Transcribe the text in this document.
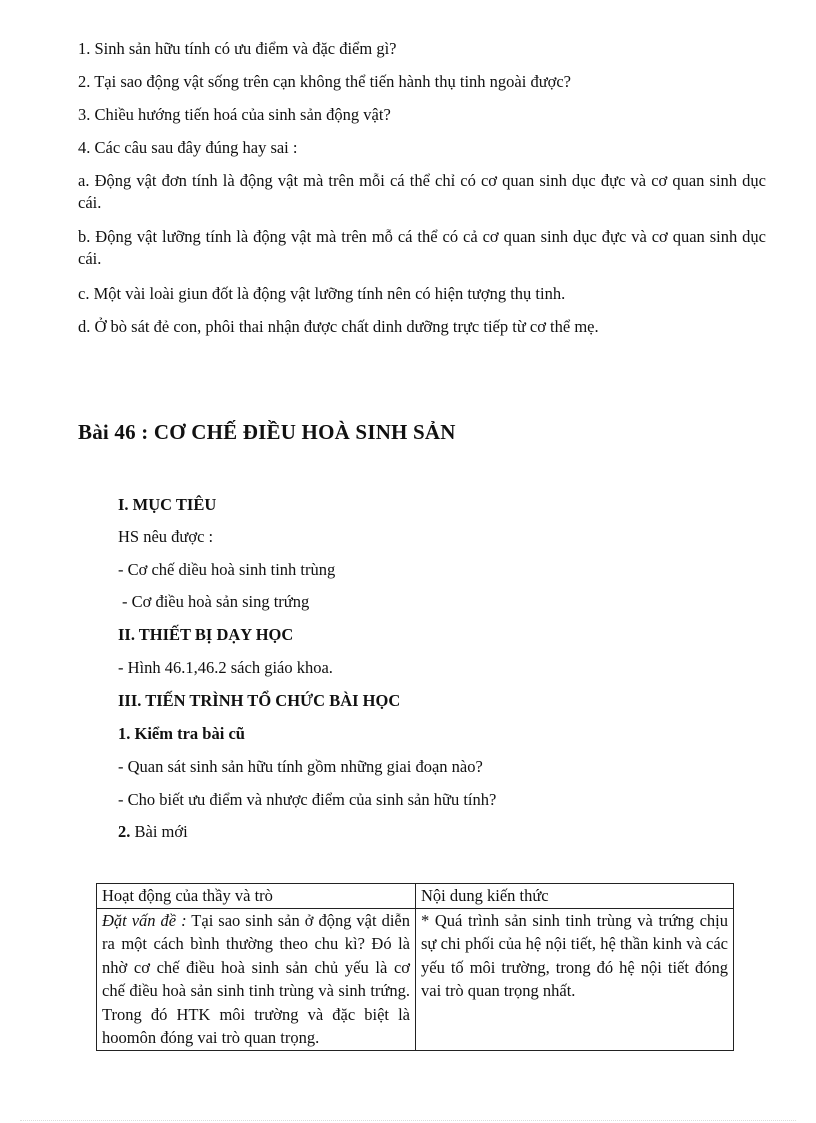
1. Sinh sản hữu tính có ưu điểm và đặc điểm gì?
2. Tại sao động vật sống trên cạn không thể tiến hành thụ tinh ngoài được?
3. Chiều hướng tiến hoá của sinh sản động vật?
4. Các câu sau đây đúng hay sai :
a. Động vật đơn tính là động vật mà trên mỗi cá thể chỉ có cơ quan sinh dục đực và cơ quan sinh dục cái.
b. Động vật lưỡng tính là động vật mà trên mỗ cá thể có cả cơ quan sinh dục đực và cơ quan sinh dục cái.
c. Một vài loài giun đốt là động vật lưỡng tính nên có hiện tượng thụ tinh.
d. Ở bò sát đẻ con, phôi thai nhận được chất dinh dưỡng trực tiếp từ cơ thể mẹ.
Bài 46 : CƠ CHẾ ĐIỀU HOÀ SINH SẢN
I. MỤC TIÊU
HS nêu được :
- Cơ chế diều hoà sinh tinh trùng
- Cơ điều hoà sản sing trứng
II. THIẾT BỊ DẠY HỌC
- Hình 46.1,46.2 sách giáo khoa.
III. TIẾN TRÌNH TỔ CHỨC BÀI HỌC
1. Kiểm tra bài cũ
- Quan sát sinh sản hữu tính gồm những giai đoạn nào?
- Cho biết ưu điểm và nhược điểm của sinh sản hữu tính?
2. Bài mới
Hoạt động của thầy và trò	Nội dung kiến thức
Đặt vấn đề : Tại sao sinh sản ở động vật diễn ra một cách bình thường theo chu kì? Đó là nhờ cơ chế điều hoà sinh sản chủ yếu là cơ chế điều hoà sản sinh tinh trùng và sinh trứng. Trong đó HTK môi trường và đặc biệt là hoomôn đóng vai trò quan trọng.	* Quá trình sản sinh tinh trùng và trứng chịu sự chi phối của hệ nội tiết, hệ thần kinh và các yếu tố môi trường, trong đó hệ nội tiết đóng vai trò quan trọng nhất.
